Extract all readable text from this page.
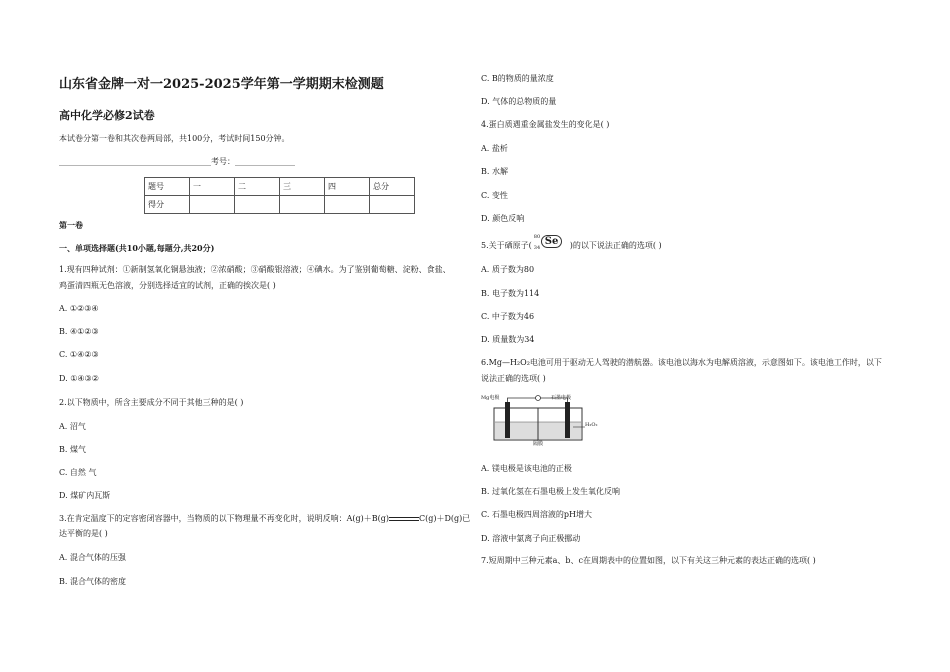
山东省金牌一对一2025-2025学年第一学期期末检测题
高中化学必修2试卷
本试卷分第一卷和其次卷两局部，共100分，考试时间150分钟。
______________________________________考号：_______________
题号	一	二	三	四	总分
得分					
第一卷
一、单项选择题(共10小题,每题分,共20分)
1.现有四种试剂：①新制氢氧化铜悬浊液；②浓硝酸；③硝酸银溶液；④碘水。为了鉴别葡萄糖、淀粉、食盐、
鸡蛋清四瓶无色溶液，分别选择适宜的试剂，正确的挨次是( )
A. ①②③④
B. ④①②③
C. ①④②③
D. ①④③②
2.以下物质中，所含主要成分不同于其他三种的是( )
A. 沼气
B. 煤气
C. 自然 气
D. 煤矿内瓦斯
3.在肯定温度下的定容密闭容器中，当物质的以下物理量不再变化时，说明反响：A(g)＋B(g)	C(g)＋D(g)已
达平衡的是( )
A. 混合气体的压强
B. 混合气体的密度
C. B的物质的量浓度
D. 气体的总物质的量
4.蛋白质遇重金属盐发生的变化是( )
A. 盐析
B. 水解
C. 变性
D. 颜色反响
5.关于硒原子(
80
34
Se	)的以下说法正确的选项( )
A. 质子数为80
B. 电子数为114
C. 中子数为46
D. 质量数为34
6.Mg—H₂O₂电池可用于驱动无人驾驶的潜航器。该电池以海水为电解质溶液，示意图如下。该电池工作时，以下
说法正确的选项( )
Mg电极	石墨电极
H₂O₂
隔膜
A. 镁电极是该电池的正极
B. 过氧化氢在石墨电极上发生氧化反响
C. 石墨电极四周溶液的pH增大
D. 溶液中氯离子向正极挪动
7.短周期中三种元素a、b、c在周期表中的位置如图，以下有关这三种元素的表达正确的选项( )
